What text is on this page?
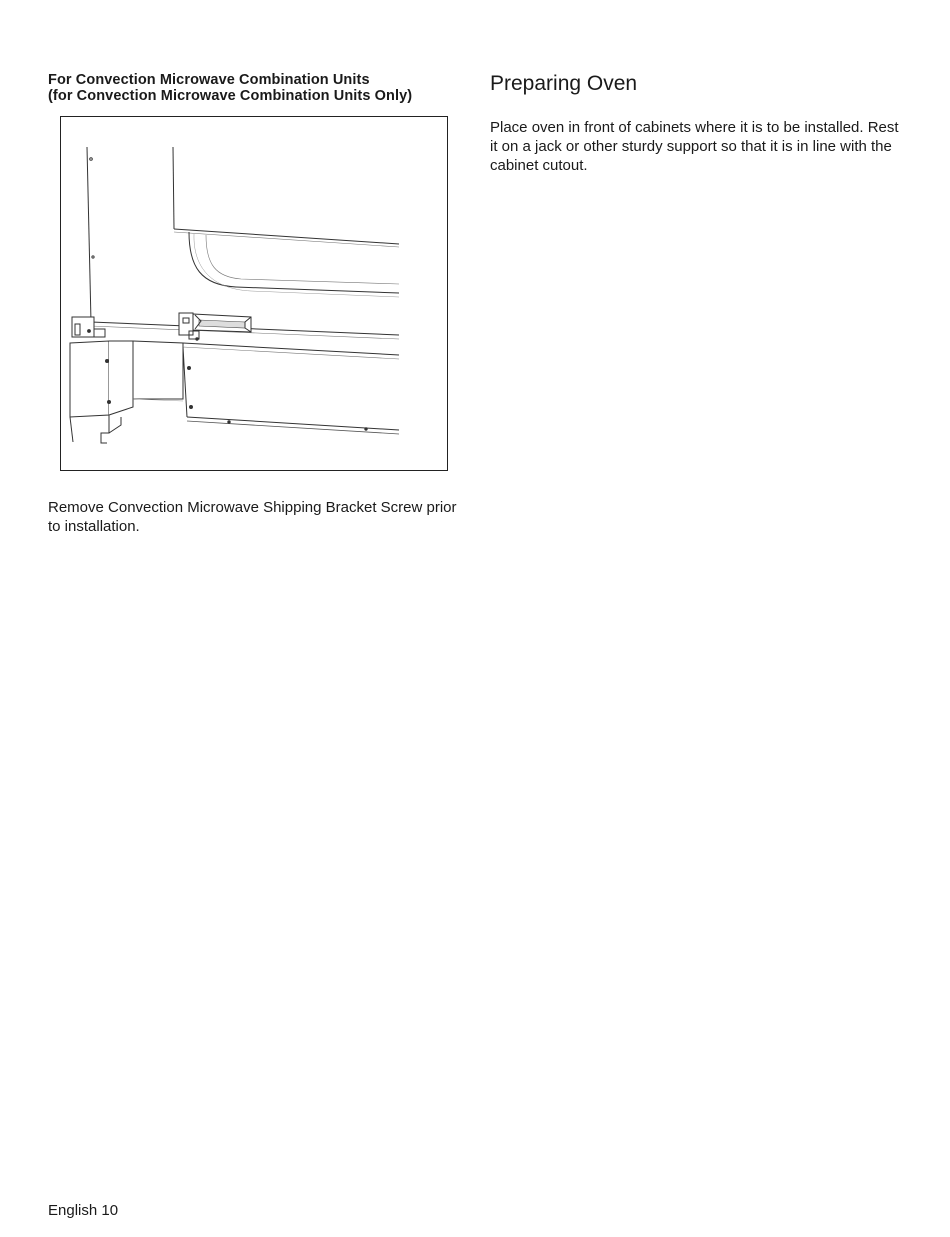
For Convection Microwave Combination Units
(for Convection Microwave Combination Units Only)

Remove Convection Microwave Shipping Bracket Screw prior to installation.

Preparing Oven

Place oven in front of cabinets where it is to be installed. Rest it on a jack or other sturdy support so that it is in line with the cabinet cutout.

English 10
